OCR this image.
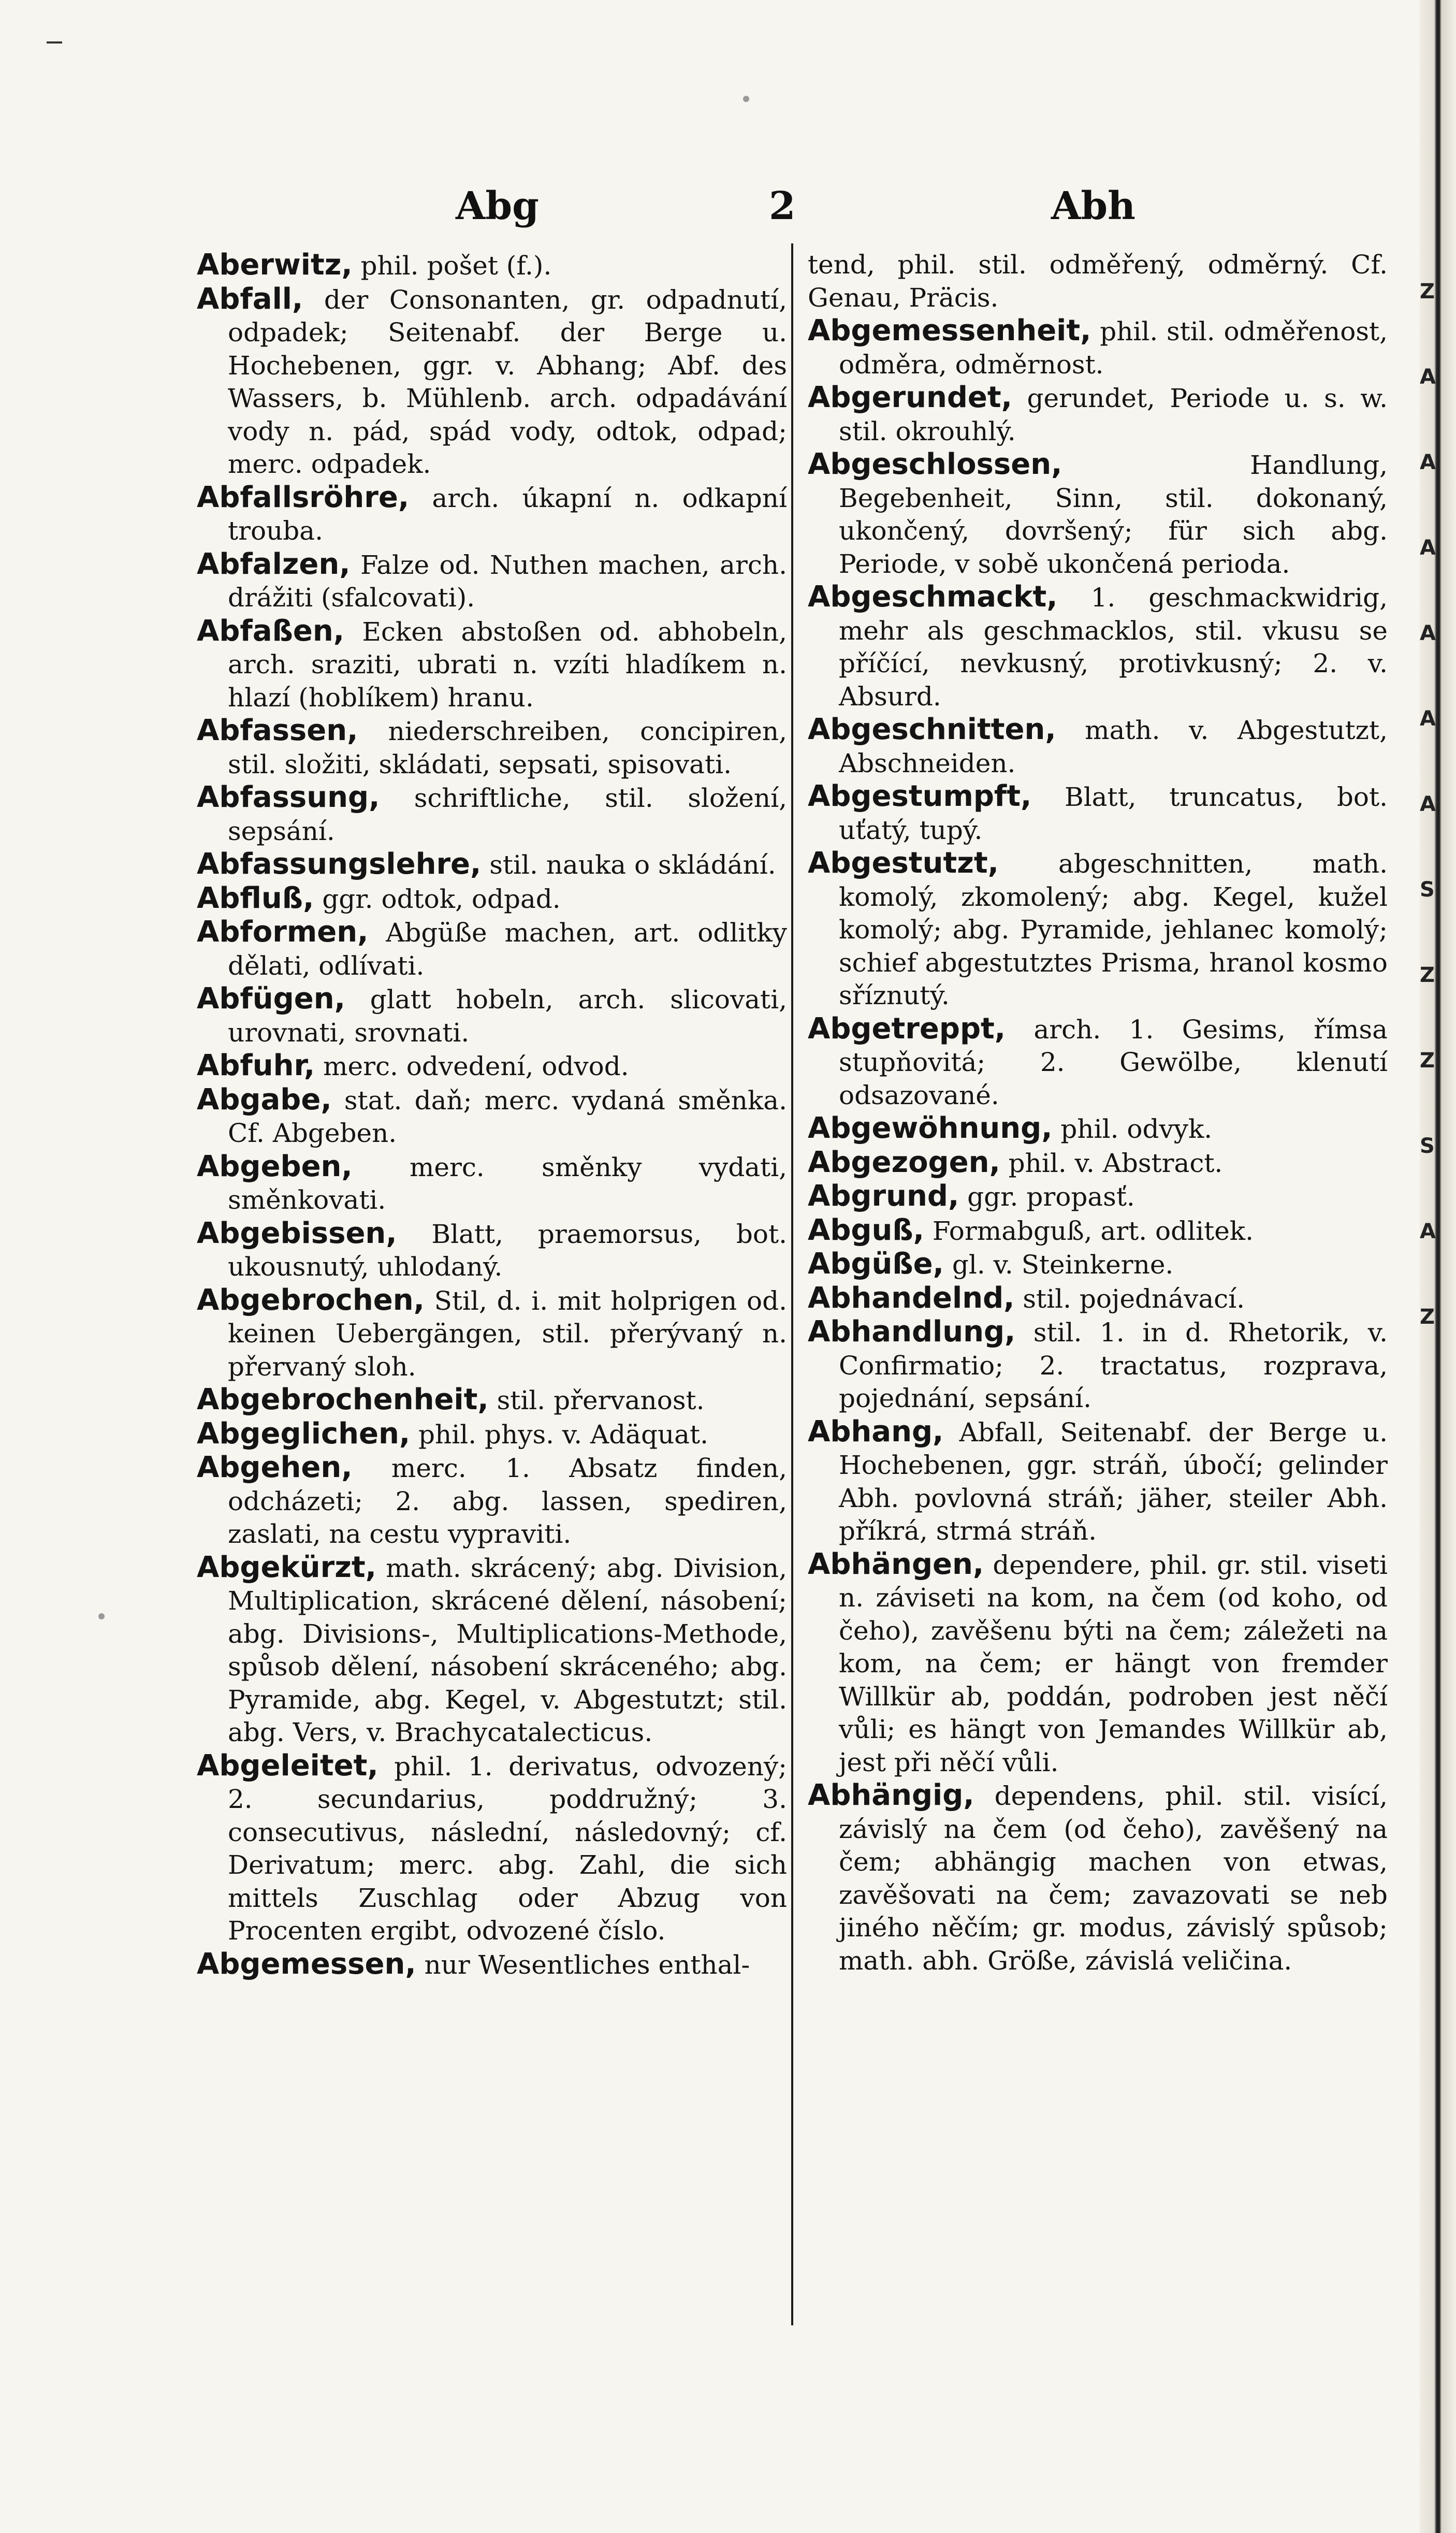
Abg	2	Abh
Aberwitz, phil. pošet (f.).
Abfall, der Consonanten, gr. odpadnutí, odpadek; Seitenabf. der Berge u. Hochebenen, ggr. v. Abhang; Abf. des Wassers, b. Mühlenb. arch. odpadávání vody n. pád, spád vody, odtok, odpad; merc. odpadek.
Abfallsröhre, arch. úkapní n. odkapní trouba.
Abfalzen, Falze od. Nuthen machen, arch. drážiti (sfalcovati).
Abfaßen, Ecken abstoßen od. abhobeln, arch. sraziti, ubrati n. vzíti hladíkem n. hlazí (hoblíkem) hranu.
Abfassen, niederschreiben, concipiren, stil. složiti, skládati, sepsati, spisovati.
Abfassung, schriftliche, stil. složení, sepsání.
Abfassungslehre, stil. nauka o skládání.
Abfluß, ggr. odtok, odpad.
Abformen, Abgüße machen, art. odlitky dělati, odlívati.
Abfügen, glatt hobeln, arch. slicovati, urovnati, srovnati.
Abfuhr, merc. odvedení, odvod.
Abgabe, stat. daň; merc. vydaná směnka. Cf. Abgeben.
Abgeben, merc. směnky vydati, směnkovati.
Abgebissen, Blatt, praemorsus, bot. ukousnutý, uhlodaný.
Abgebrochen, Stil, d. i. mit holprigen od. keinen Uebergängen, stil. přerývaný n. přervaný sloh.
Abgebrochenheit, stil. přervanost.
Abgeglichen, phil. phys. v. Adäquat.
Abgehen, merc. 1. Absatz finden, odcházeti; 2. abg. lassen, spediren, zaslati, na cestu vypraviti.
Abgekürzt, math. skrácený; abg. Division, Multiplication, skrácené dělení, násobení; abg. Divisions-, Multiplications-Methode, spůsob dělení, násobení skráceného; abg. Pyramide, abg. Kegel, v. Abgestutzt; stil. abg. Vers, v. Brachycatalecticus.
Abgeleitet, phil. 1. derivatus, odvozený; 2. secundarius, poddružný; 3. consecutivus, následní, následovný; cf. Derivatum; merc. abg. Zahl, die sich mittels Zuschlag oder Abzug von Procenten ergibt, odvozené číslo.
Abgemessen, nur Wesentliches enthal-
tend, phil. stil. odměřený, odměrný. Cf. Genau, Präcis.
Abgemessenheit, phil. stil. odměřenost, odměra, odměrnost.
Abgerundet, gerundet, Periode u. s. w. stil. okrouhlý.
Abgeschlossen, Handlung, Begebenheit, Sinn, stil. dokonaný, ukončený, dovršený; für sich abg. Periode, v sobě ukončená perioda.
Abgeschmackt, 1. geschmackwidrig, mehr als geschmacklos, stil. vkusu se příčící, nevkusný, protivkusný; 2. v. Absurd.
Abgeschnitten, math. v. Abgestutzt, Abschneiden.
Abgestumpft, Blatt, truncatus, bot. uťatý, tupý.
Abgestutzt, abgeschnitten, math. komolý, zkomolený; abg. Kegel, kužel komolý; abg. Pyramide, jehlanec komolý; schief abgestutztes Prisma, hranol kosmo sříznutý.
Abgetreppt, arch. 1. Gesims, římsa stupňovitá; 2. Gewölbe, klenutí odsazované.
Abgewöhnung, phil. odvyk.
Abgezogen, phil. v. Abstract.
Abgrund, ggr. propasť.
Abguß, Formabguß, art. odlitek.
Abgüße, gl. v. Steinkerne.
Abhandelnd, stil. pojednávací.
Abhandlung, stil. 1. in d. Rhetorik, v. Confirmatio; 2. tractatus, rozprava, pojednání, sepsání.
Abhang, Abfall, Seitenabf. der Berge u. Hochebenen, ggr. stráň, úbočí; gelinder Abh. povlovná stráň; jäher, steiler Abh. příkrá, strmá stráň.
Abhängen, dependere, phil. gr. stil. viseti n. záviseti na kom, na čem (od koho, od čeho), zavěšenu býti na čem; záležeti na kom, na čem; er hängt von fremder Willkür ab, poddán, podroben jest něčí vůli; es hängt von Jemandes Willkür ab, jest při něčí vůli.
Abhängig, dependens, phil. stil. visící, závislý na čem (od čeho), zavěšený na čem; abhängig machen von etwas, zavěšovati na čem; zavazovati se neb jiného něčím; gr. modus, závislý spůsob; math. abh. Größe, závislá veličina.
Z
A
A
A
A
A
A
S
Z
Z
S
A
Z
